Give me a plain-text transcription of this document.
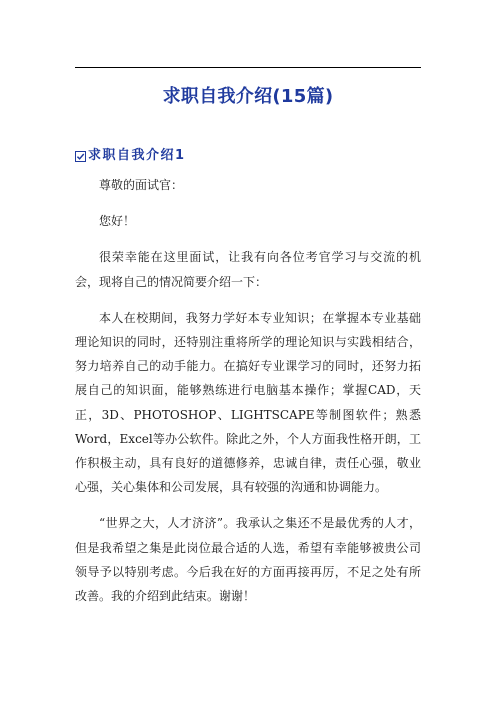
求职自我介绍(15篇)
求职自我介绍1

尊敬的面试官：

您好！

很荣幸能在这里面试，让我有向各位考官学习与交流的机会，现将自己的情况简要介绍一下：

本人在校期间，我努力学好本专业知识；在掌握本专业基础理论知识的同时，还特别注重将所学的理论知识与实践相结合，努力培养自己的动手能力。在搞好专业课学习的同时，还努力拓展自己的知识面，能够熟练进行电脑基本操作；掌握CAD，天正，3D、PHOTOSHOP、LIGHTSCAPE等制图软件；熟悉Word，Excel等办公软件。除此之外，个人方面我性格开朗，工作积极主动，具有良好的道德修养，忠诚自律，责任心强，敬业心强，关心集体和公司发展，具有较强的沟通和协调能力。

“世界之大，人才济济”。我承认之集还不是最优秀的人才，但是我希望之集是此岗位最合适的人选，希望有幸能够被贵公司领导予以特别考虑。今后我在好的方面再接再厉，不足之处有所改善。我的介绍到此结束。谢谢！
